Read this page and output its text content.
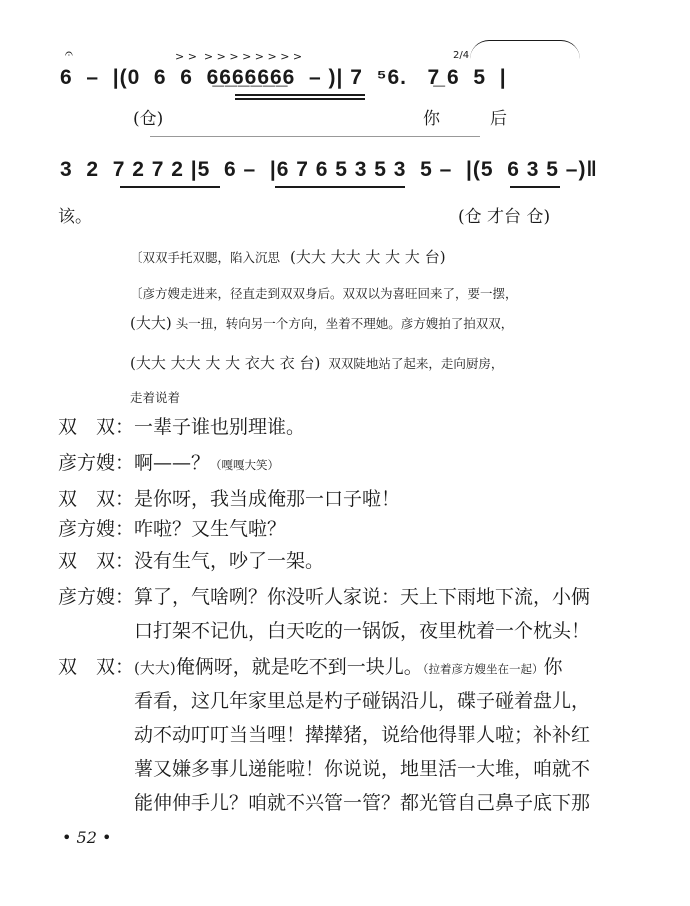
> >  > > > > > > > >
𝄐	2/4
6  –  |(0  6  6  6̲6̲6̲6̲6̲6̲6  – )| 7  ⁵6.   7̲ 6  5  |
(仓)	你	后
3  2  7 2 7 2 |5  6 –  |6 7 6 5 3 5 3  5 –  |(5  6 3 5 –)‖
该。	(仓 才台 仓)
〔双双手托双腮，陷入沉思 (大大 大大 大 大 大 台)
〔彦方嫂走进来，径直走到双双身后。双双以为喜旺回来了，要一摆，
(大大) 头一扭，转向另一个方向，坐着不理她。彦方嫂拍了拍双双，
(大大 大大 大 大 衣大 衣 台) 双双陡地站了起来，走向厨房，
走着说着
双　双：一辈子谁也别理谁。
彦方嫂：啊——？（嘎嘎大笑）
双　双：是你呀，我当成俺那一口子啦！
彦方嫂：咋啦？又生气啦？
双　双：没有生气，吵了一架。
彦方嫂：算了，气啥咧？你没听人家说：天上下雨地下流，小俩
口打架不记仇，白天吃的一锅饭，夜里枕着一个枕头！
双　双：(大大)俺俩呀，就是吃不到一块儿。（拉着彦方嫂坐在一起）你
看看，这几年家里总是杓子碰锅沿儿，碟子碰着盘儿，
动不动叮叮当当哩！撵撵猪，说给他得罪人啦；补补红
薯又嫌多事儿递能啦！你说说，地里活一大堆，咱就不
能伸伸手儿？咱就不兴管一管？都光管自己鼻子底下那
• 52 •
